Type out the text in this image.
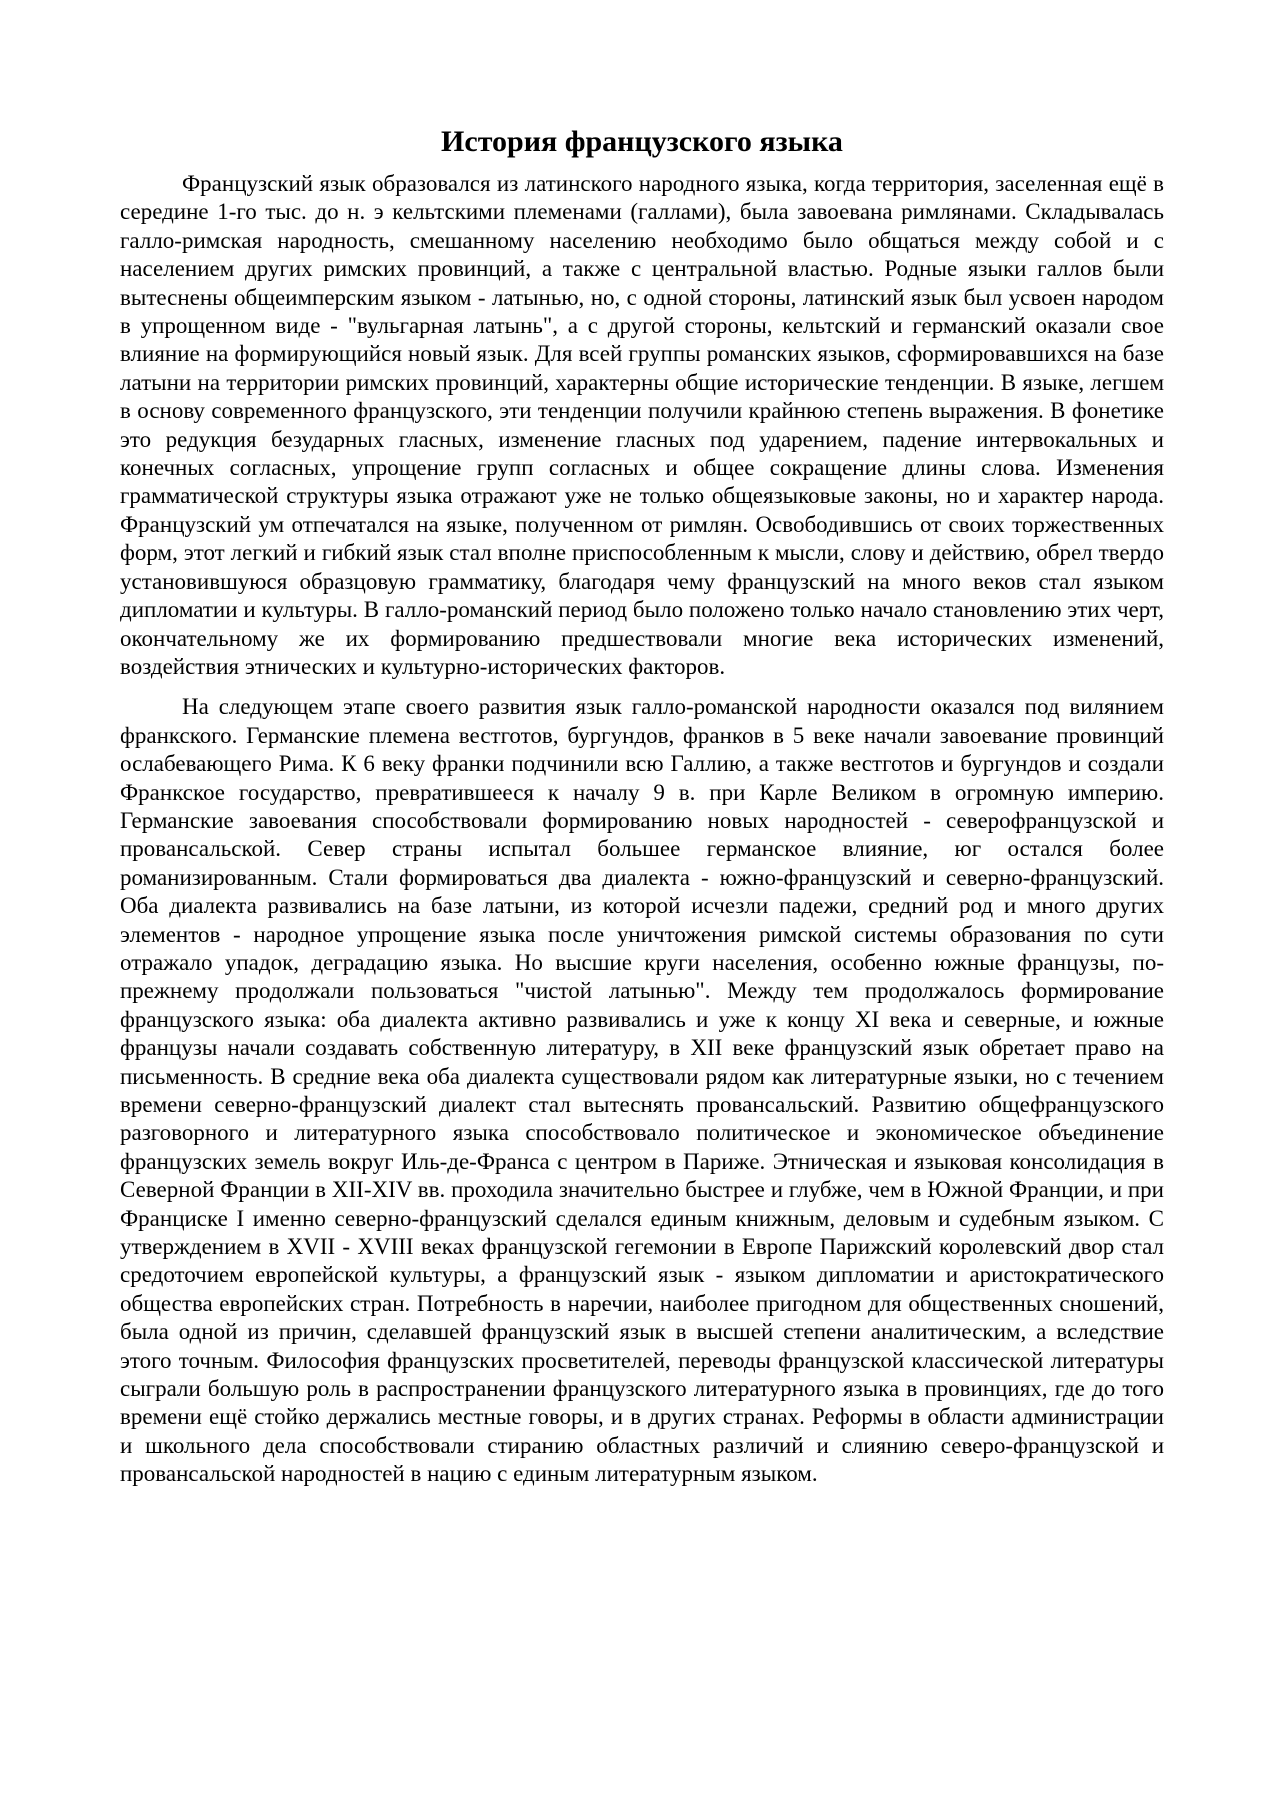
История французского языка

Французский язык образовался из латинского народного языка, когда территория, заселенная ещё в середине 1-го тыс. до н. э кельтскими племенами (галлами), была завоевана римлянами. Складывалась галло-римская народность, смешанному населению необходимо было общаться между собой и с населением других римских провинций, а также с центральной властью. Родные языки галлов были вытеснены общеимперским языком - латынью, но, с одной стороны, латинский язык был усвоен народом в упрощенном виде - "вульгарная латынь", а с другой стороны, кельтский и германский оказали свое влияние на формирующийся новый язык. Для всей группы романских языков, сформировавшихся на базе латыни на территории римских провинций, характерны общие исторические тенденции. В языке, легшем в основу современного французского, эти тенденции получили крайнюю степень выражения. В фонетике это редукция безударных гласных, изменение гласных под ударением, падение интервокальных и конечных согласных, упрощение групп согласных и общее сокращение длины слова. Изменения грамматической структуры языка отражают уже не только общеязыковые законы, но и характер народа. Французский ум отпечатался на языке, полученном от римлян. Освободившись от своих торжественных форм, этот легкий и гибкий язык стал вполне приспособленным к мысли, слову и действию, обрел твердо установившуюся образцовую грамматику, благодаря чему французский на много веков стал языком дипломатии и культуры. В галло-романский период было положено только начало становлению этих черт, окончательному же их формированию предшествовали многие века исторических изменений, воздействия этнических и культурно-исторических факторов.

На следующем этапе своего развития язык галло-романской народности оказался под вилянием франкского. Германские племена вестготов, бургундов, франков в 5 веке начали завоевание провинций ослабевающего Рима. К 6 веку франки подчинили всю Галлию, а также вестготов и бургундов и создали Франкское государство, превратившееся к началу 9 в. при Карле Великом в огромную империю. Германские завоевания способствовали формированию новых народностей - северофранцузской и провансальской. Север страны испытал большее германское влияние, юг остался более романизированным. Стали формироваться два диалекта - южно-французский и северно-французский. Оба диалекта развивались на базе латыни, из которой исчезли падежи, средний род и много других элементов - народное упрощение языка после уничтожения римской системы образования по сути отражало упадок, деградацию языка. Но высшие круги населения, особенно южные французы, по-прежнему продолжали пользоваться "чистой латынью". Между тем продолжалось формирование французского языка: оба диалекта активно развивались и уже к концу XI века и северные, и южные французы начали создавать собственную литературу, в XII веке французский язык обретает право на письменность. В средние века оба диалекта существовали рядом как литературные языки, но с течением времени северно-французский диалект стал вытеснять провансальский. Развитию общефранцузского разговорного и литературного языка способствовало политическое и экономическое объединение французских земель вокруг Иль-де-Франса с центром в Париже. Этническая и языковая консолидация в Северной Франции в XII-XIV вв. проходила значительно быстрее и глубже, чем в Южной Франции, и при Франциске I именно северно-французский сделался единым книжным, деловым и судебным языком. С утверждением в XVII - XVIII веках французской гегемонии в Европе Парижский королевский двор стал средоточием европейской культуры, а французский язык - языком дипломатии и аристократического общества европейских стран. Потребность в наречии, наиболее пригодном для общественных сношений, была одной из причин, сделавшей французский язык в высшей степени аналитическим, а вследствие этого точным. Философия французских просветителей, переводы французской классической литературы сыграли большую роль в распространении французского литературного языка в провинциях, где до того времени ещё стойко держались местные говоры, и в других странах. Реформы в области администрации и школьного дела способствовали стиранию областных различий и слиянию северо-французской и провансальской народностей в нацию с единым литературным языком.
